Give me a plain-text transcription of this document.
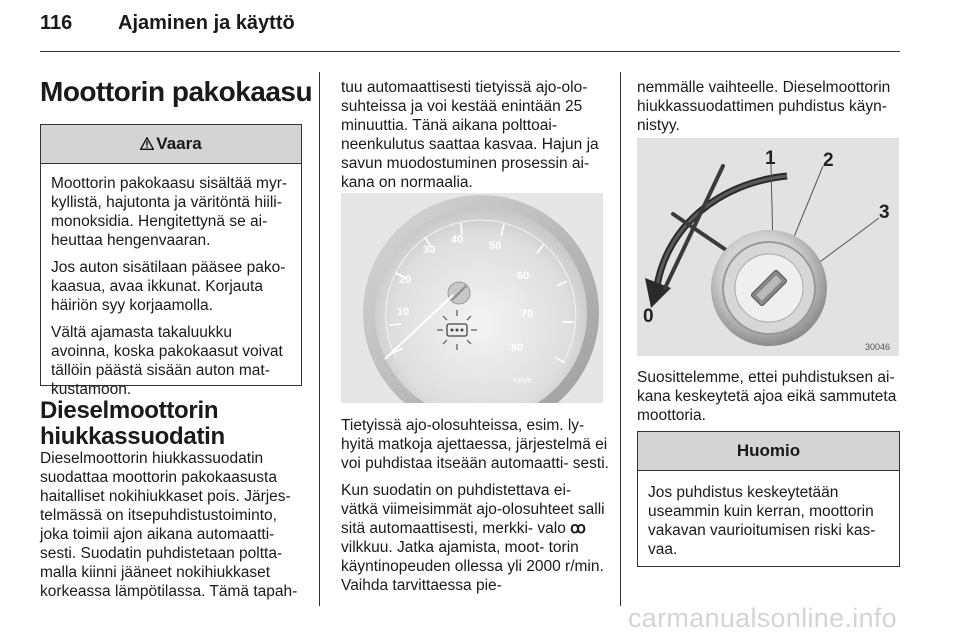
116 Ajaminen ja käyttö
Moottorin pakokaasu
Vaara

Moottorin pakokaasu sisältää myr- kyllistä, hajutonta ja väritöntä hiili- monoksidia. Hengitettynä se ai- heuttaa hengenvaaran.

Jos auton sisätilaan pääsee pako- kaasua, avaa ikkunat. Korjauta häiriön syy korjaamolla.

Vältä ajamasta takaluukku avoinna, koska pakokaasut voivat tällöin päästä sisään auton mat- kustamoon.

Dieselmoottorin hiukkassuodatin
Dieselmoottorin hiukkassuodatin suodattaa moottorin pakokaasusta haitalliset nokihiukkaset pois. Järjes- telmässä on itsepuhdistustoiminto, joka toimii ajon aikana automaatti- sesti. Suodatin puhdistetaan poltta- malla kiinni jääneet nokihiukkaset korkeassa lämpötilassa. Tämä tapah-
tuu automaattisesti tietyissä ajo-olo- suhteissa ja voi kestää enintään 25 minuuttia. Tänä aikana polttoai- neenkulutus saattaa kasvaa. Hajun ja savun muodostuminen prosessin ai- kana on normaalia.
20
30
40 50
60
70
80
10
Km/h

Tietyissä ajo-olosuhteissa, esim. ly- hyitä matkoja ajettaessa, järjestelmä ei voi puhdistaa itseään automaatti- sesti.

Kun suodatin on puhdistettava ei- vätkä viimeisimmät ajo-olosuhteet salli sitä automaattisesti, merkki- valo ꝏ vilkkuu. Jatka ajamista, moot- torin käyntinopeuden ollessa yli 2000 r/min. Vaihda tarvittaessa pie-

nemmälle vaihteelle. Dieselmoottorin hiukkassuodattimen puhdistus käyn- nistyy.
1 2
3
0
30046
Suosittelemme, ettei puhdistuksen ai- kana keskeytetä ajoa eikä sammuteta moottoria.
Huomio
Jos puhdistus keskeytetään useammin kuin kerran, moottorin vakavan vaurioitumisen riski kas- vaa.
carmanualsonline.info
